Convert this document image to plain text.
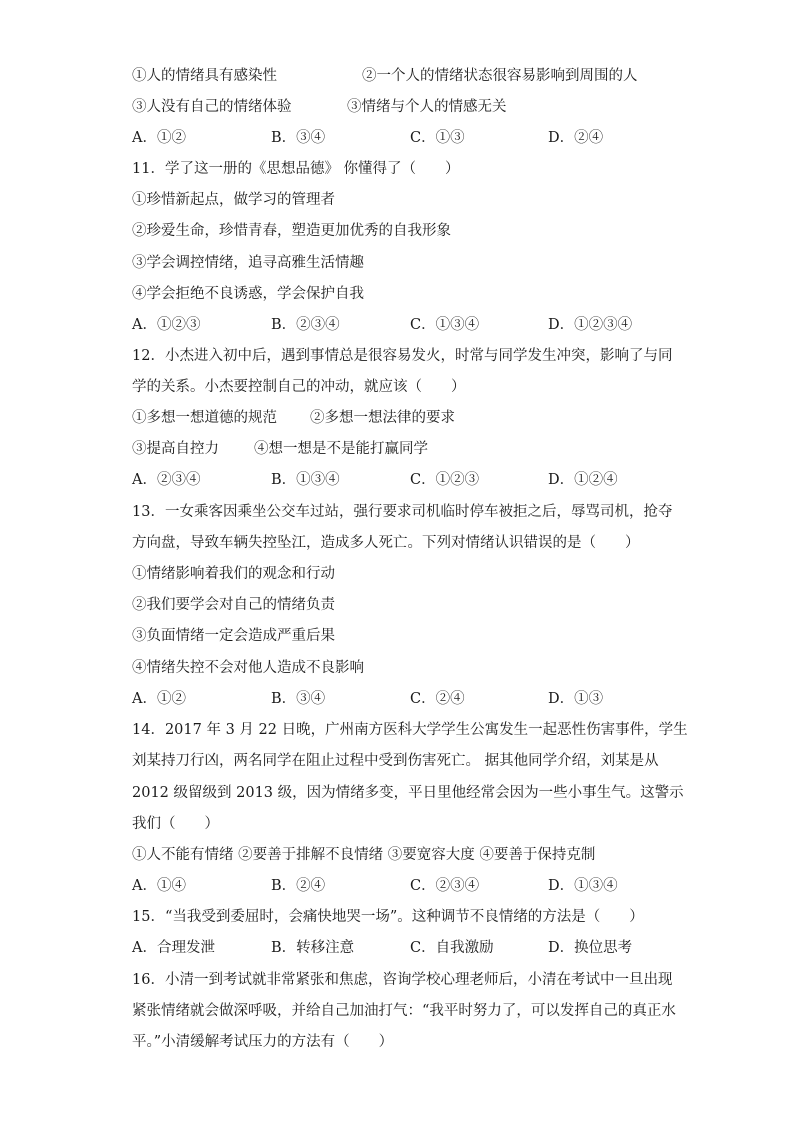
①人的情绪具有感染性	②一个人的情绪状态很容易影响到周围的人
③人没有自己的情绪体验	③情绪与个人的情感无关
A．①②	B．③④	C．①③	D．②④
11．学了这一册的《思想品德》 你懂得了（　　）
①珍惜新起点，做学习的管理者
②珍爱生命，珍惜青春，塑造更加优秀的自我形象
③学会调控情绪，追寻高雅生活情趣
④学会拒绝不良诱惑，学会保护自我
A．①②③	B．②③④	C．①③④	D．①②③④
12．小杰进入初中后，遇到事情总是很容易发火，时常与同学发生冲突，影响了与同
学的关系。小杰要控制自己的冲动，就应该（　　）
①多想一想道德的规范 ②多想一想法律的要求
③提高自控力 ④想一想是不是能打赢同学
A．②③④	B．①③④	C．①②③	D．①②④
13．一女乘客因乘坐公交车过站，强行要求司机临时停车被拒之后，辱骂司机，抢夺
方向盘，导致车辆失控坠江，造成多人死亡。下列对情绪认识错误的是（　　）
①情绪影响着我们的观念和行动
②我们要学会对自己的情绪负责
③负面情绪一定会造成严重后果
④情绪失控不会对他人造成不良影响
A．①②	B．③④	C．②④	D．①③
14．2017 年 3 月 22 日晚，广州南方医科大学学生公寓发生一起恶性伤害事件，学生
刘某持刀行凶，两名同学在阻止过程中受到伤害死亡。 据其他同学介绍，刘某是从
2012 级留级到 2013 级，因为情绪多变，平日里他经常会因为一些小事生气。这警示
我们（　　）
①人不能有情绪 ②要善于排解不良情绪 ③要宽容大度 ④要善于保持克制
A．①④	B．②④	C．②③④	D．①③④
15．“当我受到委屈时，会痛快地哭一场”。这种调节不良情绪的方法是（　　）
A．合理发泄	B．转移注意	C．自我激励	D．换位思考
16．小清一到考试就非常紧张和焦虑，咨询学校心理老师后，小清在考试中一旦出现
紧张情绪就会做深呼吸，并给自己加油打气：“我平时努力了，可以发挥自己的真正水
平。”小清缓解考试压力的方法有（　　）
